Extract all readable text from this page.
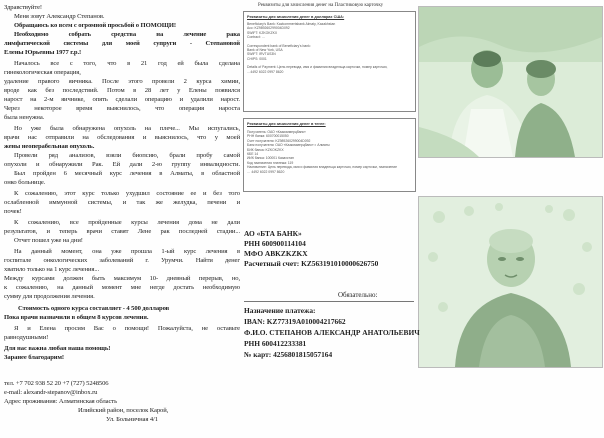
Здравствуйте!
Меня зовут Александр Степанов.
Обращаюсь ко всем с огромной просьбой о ПОМОЩИ!
Необходимо собрать средства на лечение рака
лимфатической системы для моей супруги - Степановой
Елены Юрьевны 1977 г.р.!
Началось все с того, что в 21 год ей была сделана
гинекологическая операция,
удаление правого яичника. После этого провели 2 курса химии,
вроде как без последствий. Потом в 28 лет у Елены появился
нарост на 2-м яичнике, опять сделали операцию и удалили нарост.
Через некоторое время выяснилось, что операция нароста
была ненужна.
Но уже была обнаружена опухоль на плече... Мы испугались,
врачи нас отправили на обследования и выяснилось, что у моей
жены неоперабельная опухоль.
Провели ряд анализов, взяли биопсию, брали пробу самой
опухоли и обнаружили Рак. Ей дали 2-ю группу инвалидности.
Был пройден 6 месячный курс лечения в Алматы, в областной
онко больнице.
К сожалению, этот курс только ухудшил состояние ее и без того
ослабленной иммунной системы, и так же желудка, печени и
почек!
К сожалению, все пройденные курсы лечения дома не дали
результатов, и теперь врачи ставят Лене рак последней стадии...
Отчет пошел уже на дни!
На данный момент, она уже прошла 1-ый курс лечения в
госпитале онкологических заболеваний г. Урумчи. Найти денег
хватило только на 1 курс лечения...
Между курсами должен быть максимум 10- дневный перерыв, но,
к сожалению, на данный момент мне негде достать необходимую
сумму для продолжения лечения.
Стоимость одного курса составляет - 4 500 долларов
Пока врачи назначили в общем 8 курсов лечения.
Я и Елена просим Вас о помощи! Пожалуйста, не оставьте
равнодушными!
Для нас важна любая наша помощь!
Заранее благодарим!
тел. +7 702 938 52 20 +7 (727) 5248506
e-mail: alexandr-stepanov@inbox.ru
Адрес проживания: Алматинская область
Илийский район, поселок Карой,
Ул. Больничная 4/1
Реквизиты для зачисления денег на Пластиковую карточку
Реквизиты для зачисления денег в долларах США:
Beneficiary's Bank: Kazkommertsbank Almaty, Kazakhstan
Acc: KZ989260299004D092
SWIFT: KZKOKZKX
Contract: …
Correspondent bank of Beneficiary's bank:
Bank of New York, USA
SWIFT: IRVTUS3N
CHIPS: 0001
Details of Payment: Цель перевода, имя и фамилия владельца карточки, номер карточки,
…4492 6022 0997 8620
Реквизиты для зачисления денег в тенге:
Получатель: ОАО «Казкоммерцбанк»
РНН банка: 600700015050
Счет получателя: KZ989260299004D092
Банк получателя: ОАО «Казкоммерцбанк» г. Алматы
БИК банка: KZKOKZKX
КБЕ 14
ИИК банка: 100001 Казахстан
Код назначения платежа: 119
Назначение: Цель перевода, имя и фамилия владельца карточки, номер карточки, назначение
… 4492 6022 0997 8620
АО «БТА БАНК»
РНН 600900114104
МФО ABKZKZKX
Расчетный счет: KZ563191010000626750
Обязательно:
Назначение платежа:
IBAN: KZ77319A010004217662
Ф.И.О. СТЕПАНОВ АЛЕКСАНДР АНАТОЛЬЕВИЧ
РНН 600412233381
№ карт: 4256801815057164
